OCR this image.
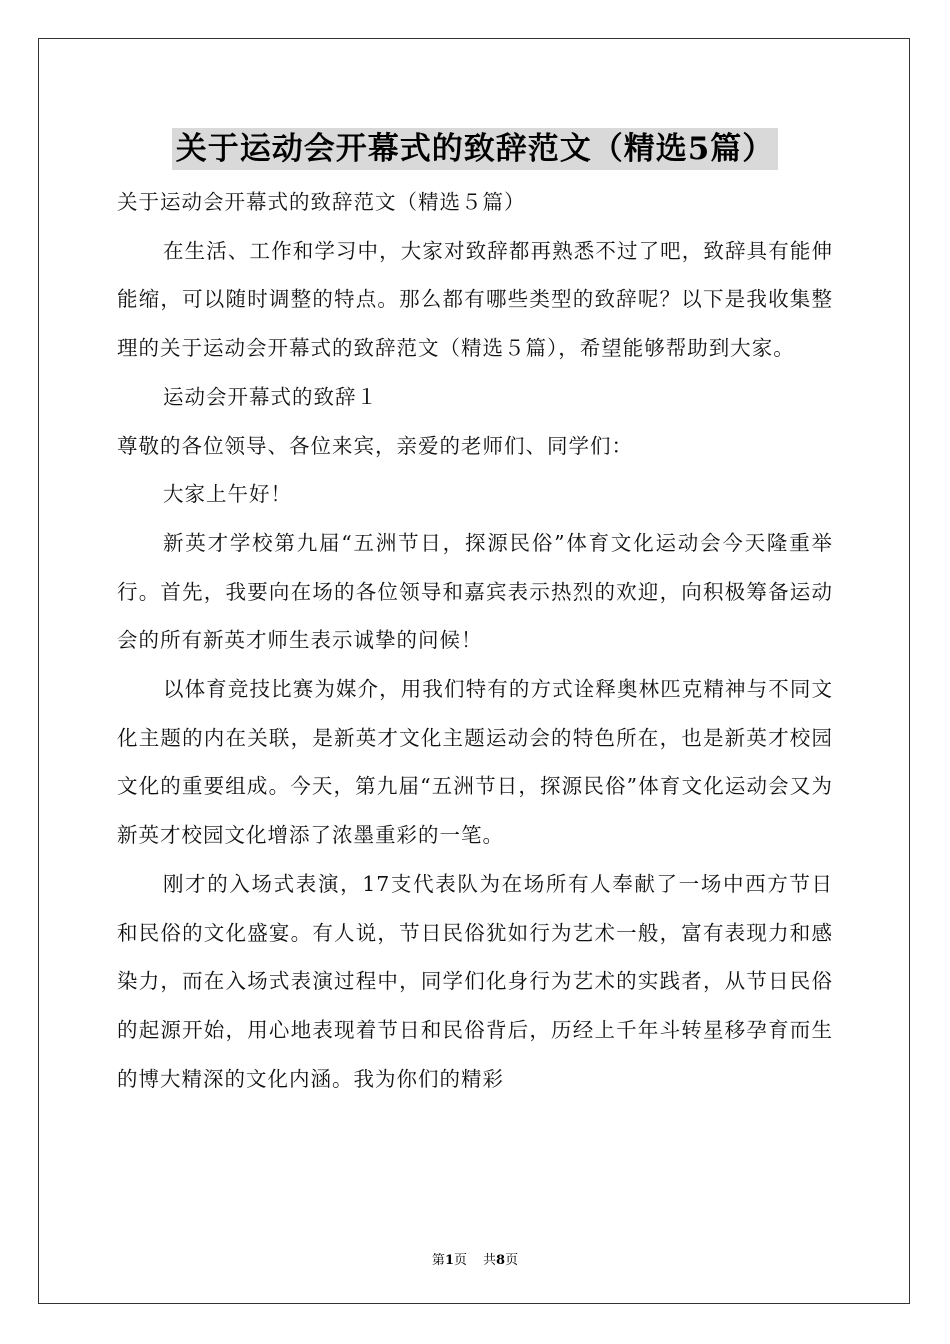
关于运动会开幕式的致辞范文（精选5篇）

关于运动会开幕式的致辞范文（精选５篇）

在生活、工作和学习中，大家对致辞都再熟悉不过了吧，致辞具有能伸能缩，可以随时调整的特点。那么都有哪些类型的致辞呢？以下是我收集整理的关于运动会开幕式的致辞范文（精选５篇），希望能够帮助到大家。

运动会开幕式的致辞１

尊敬的各位领导、各位来宾，亲爱的老师们、同学们：

大家上午好！

新英才学校第九届“五洲节日，探源民俗”体育文化运动会今天隆重举行。首先，我要向在场的各位领导和嘉宾表示热烈的欢迎，向积极筹备运动会的所有新英才师生表示诚挚的问候！

以体育竞技比赛为媒介，用我们特有的方式诠释奥林匹克精神与不同文化主题的内在关联，是新英才文化主题运动会的特色所在，也是新英才校园文化的重要组成。今天，第九届“五洲节日，探源民俗”体育文化运动会又为新英才校园文化增添了浓墨重彩的一笔。

刚才的入场式表演，17支代表队为在场所有人奉献了一场中西方节日和民俗的文化盛宴。有人说，节日民俗犹如行为艺术一般，富有表现力和感染力，而在入场式表演过程中，同学们化身行为艺术的实践者，从节日民俗的起源开始，用心地表现着节日和民俗背后，历经上千年斗转星移孕育而生的博大精深的文化内涵。我为你们的精彩

第1页 共8页
